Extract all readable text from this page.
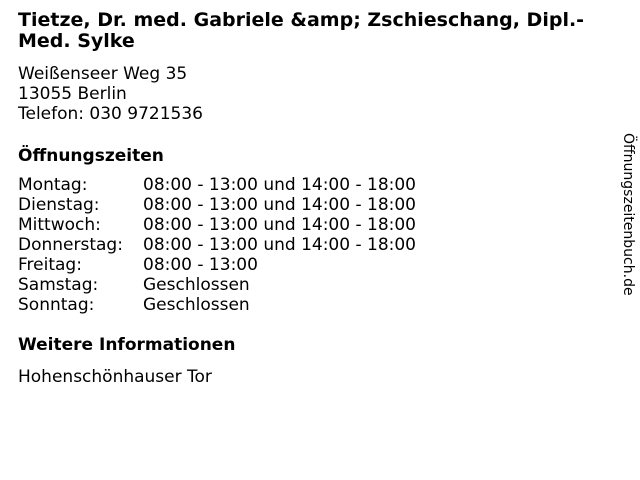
Tietze, Dr. med. Gabriele &amp; Zschieschang, Dipl.-Med. Sylke
Weißenseer Weg 35
13055 Berlin
Telefon: 030 9721536
Öffnungszeiten
Montag:	08:00 - 13:00 und 14:00 - 18:00
Dienstag:	08:00 - 13:00 und 14:00 - 18:00
Mittwoch:	08:00 - 13:00 und 14:00 - 18:00
Donnerstag:	08:00 - 13:00 und 14:00 - 18:00
Freitag:	08:00 - 13:00
Samstag:	Geschlossen
Sonntag:	Geschlossen
Weitere Informationen
Hohenschönhauser Tor
Öffnungszeitenbuch.de
